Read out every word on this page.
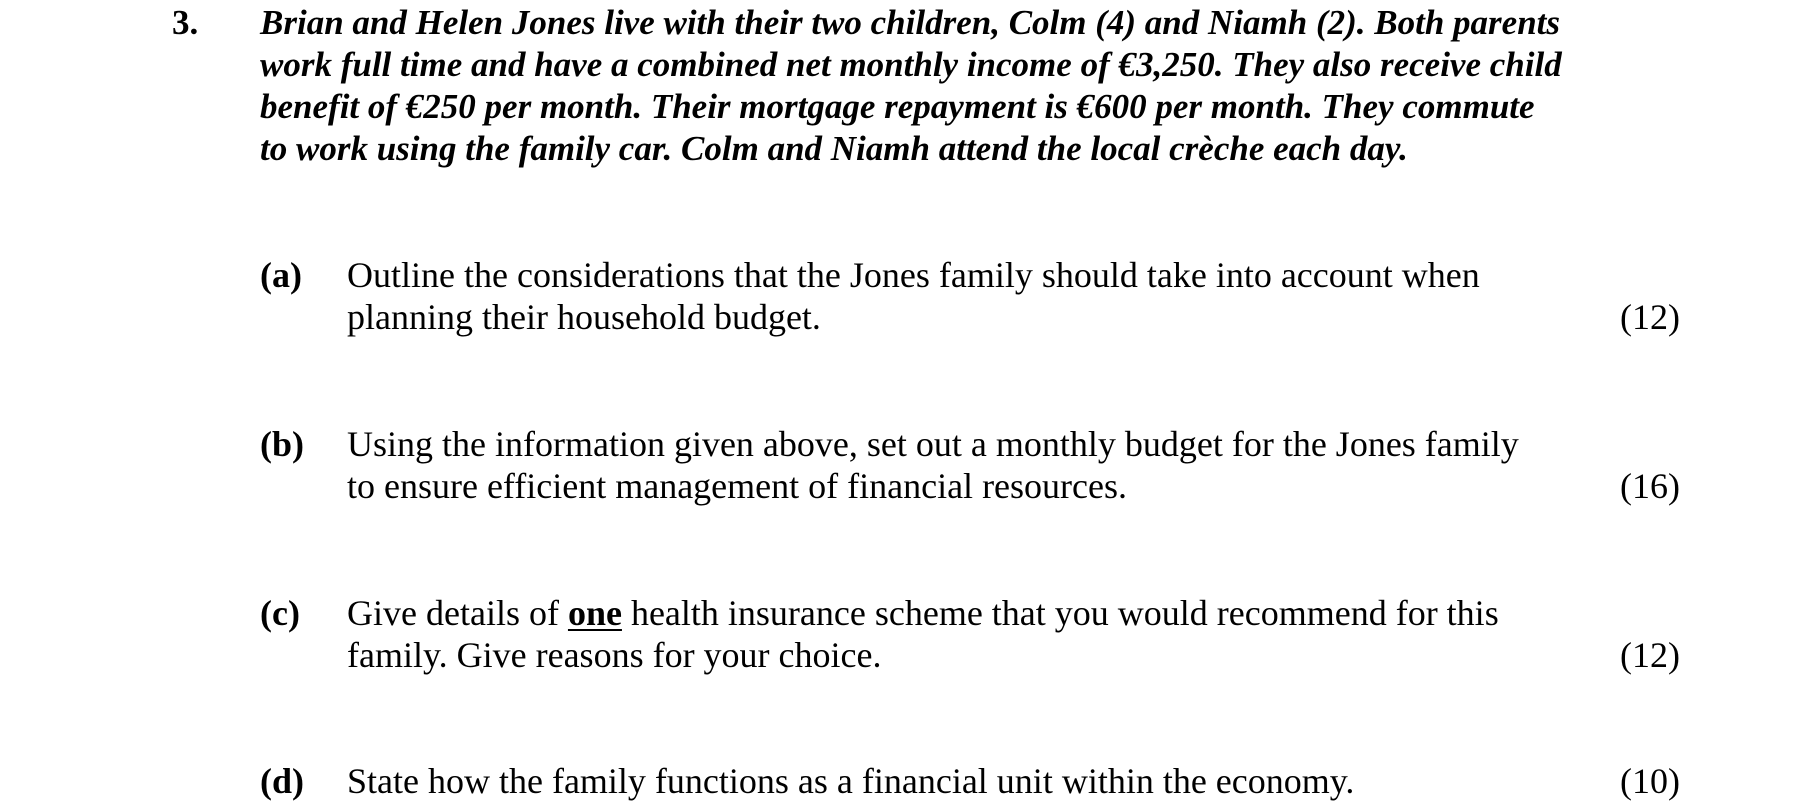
3. Brian and Helen Jones live with their two children, Colm (4) and Niamh (2). Both parents
work full time and have a combined net monthly income of €3,250. They also receive child
benefit of €250 per month. Their mortgage repayment is €600 per month. They commute
to work using the family car. Colm and Niamh attend the local crèche each day.
(a) Outline the considerations that the Jones family should take into account when
planning their household budget.	(12)
(b) Using the information given above, set out a monthly budget for the Jones family
to ensure efficient management of financial resources.	(16)
(c) Give details of one health insurance scheme that you would recommend for this
family. Give reasons for your choice.	(12)
(d) State how the family functions as a financial unit within the economy.	(10)
